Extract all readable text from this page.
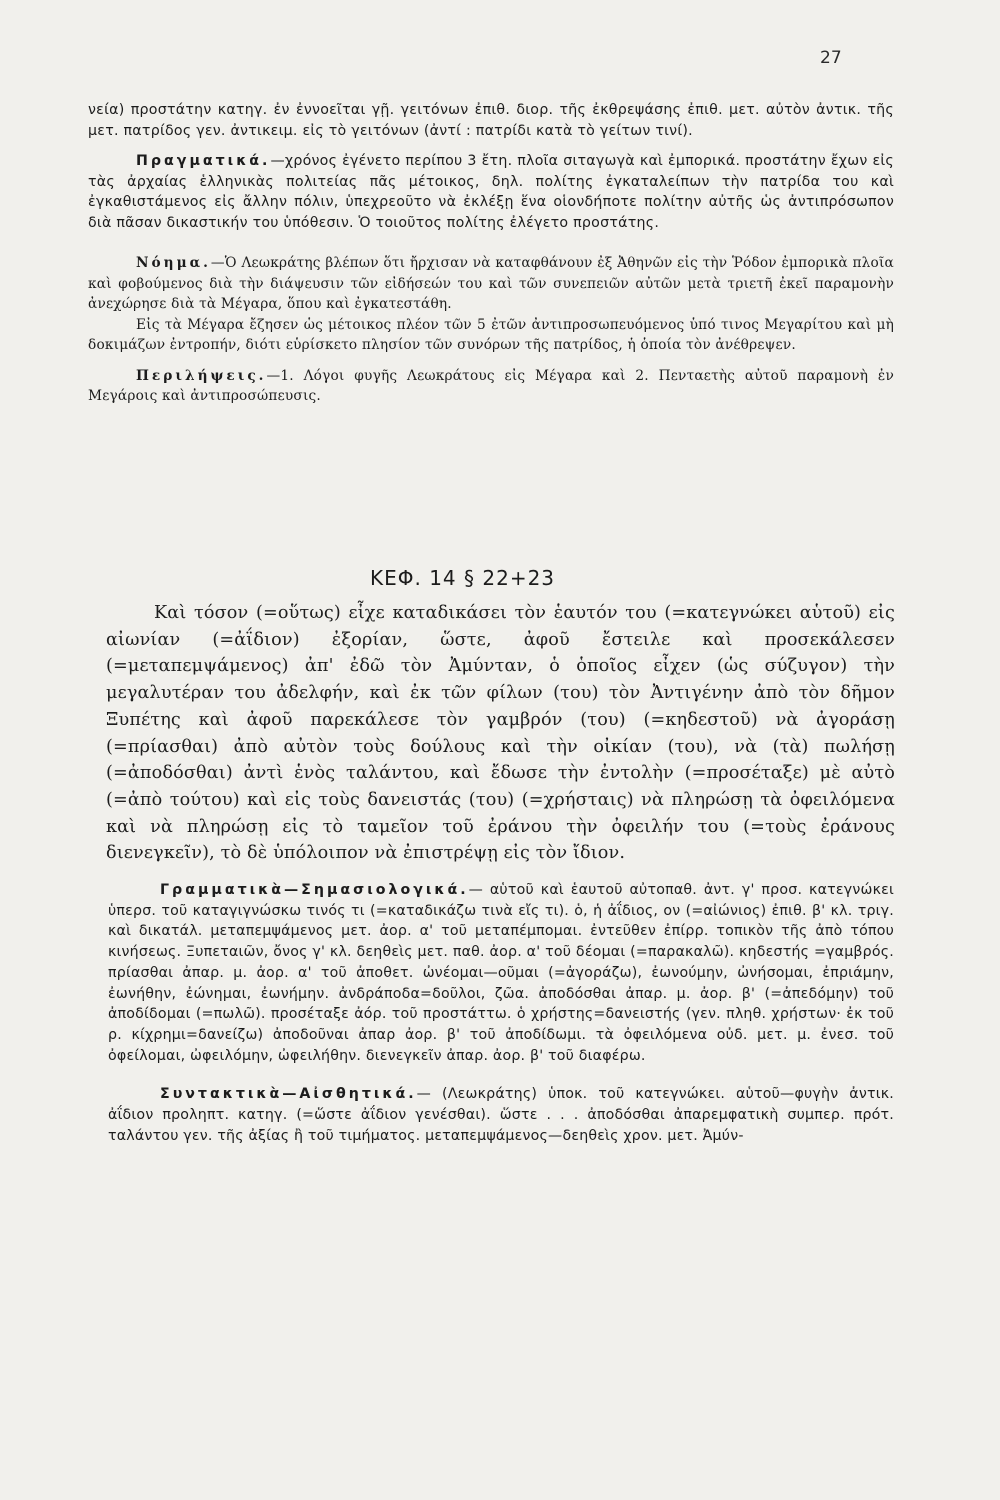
27

νεία) προστάτην κατηγ. ἐν ἐννοεῖται γῇ. γειτόνων ἐπιθ. διορ. τῆς ἐκθρεψάσης ἐπιθ. μετ. αὐτὸν ἀντικ. τῆς μετ. πατρίδος γεν. ἀντικειμ. εἰς τὸ γειτόνων (ἀντί : πατρίδι κατὰ τὸ γείτων τινί).

Πραγματικά.—χρόνος ἐγένετο περίπου 3 ἔτη. πλοῖα σιταγωγὰ καὶ ἐμπορικά. προστάτην ἔχων εἰς τὰς ἀρχαίας ἑλληνικὰς πολιτείας πᾶς μέτοικος, δηλ. πολίτης ἐγκαταλείπων τὴν πατρίδα του καὶ ἐγκαθιστάμενος εἰς ἄλλην πόλιν, ὑπεχρεοῦτο νὰ ἐκλέξῃ ἕνα οἱονδήποτε πολίτην αὐτῆς ὡς ἀντιπρόσωπον διὰ πᾶσαν δικαστικήν του ὑπόθεσιν. Ὁ τοιοῦτος πολίτης ἐλέγετο προστάτης.

Νόημα.—Ὁ Λεωκράτης βλέπων ὅτι ἤρχισαν νὰ καταφθάνουν ἐξ Ἀθηνῶν εἰς τὴν Ῥόδον ἐμπορικὰ πλοῖα καὶ φοβούμενος διὰ τὴν διάψευσιν τῶν εἰδήσεών του καὶ τῶν συνεπειῶν αὐτῶν μετὰ τριετῆ ἐκεῖ παραμονὴν ἀνεχώρησε διὰ τὰ Μέγαρα, ὅπου καὶ ἐγκατεστάθη.

Εἰς τὰ Μέγαρα ἔζησεν ὡς μέτοικος πλέον τῶν 5 ἐτῶν ἀντιπροσωπευόμενος ὑπό τινος Μεγαρίτου καὶ μὴ δοκιμάζων ἐντροπήν, διότι εὑρίσκετο πλησίον τῶν συνόρων τῆς πατρίδος, ἡ ὁποία τὸν ἀνέθρεψεν.

Περιλήψεις.—1. Λόγοι φυγῆς Λεωκράτους εἰς Μέγαρα καὶ 2. Πενταετὴς αὐτοῦ παραμονὴ ἐν Μεγάροις καὶ ἀντιπροσώπευσις.

ΚΕΦ. 14 § 22+23

Καὶ τόσον (=οὕτως) εἶχε καταδικάσει τὸν ἑαυτόν του (=κατεγνώκει αὑτοῦ) εἰς αἰωνίαν (=ἀΐδιον) ἐξορίαν, ὥστε, ἀφοῦ ἔστειλε καὶ προσεκάλεσεν (=μεταπεμψάμενος) ἀπ' ἐδῶ τὸν Ἀμύνταν, ὁ ὁποῖος εἶχεν (ὡς σύζυγον) τὴν μεγαλυτέραν του ἀδελφήν, καὶ ἐκ τῶν φίλων (του) τὸν Ἀντιγένην ἀπὸ τὸν δῆμον Ξυπέτης καὶ ἀφοῦ παρεκάλεσε τὸν γαμβρόν (του) (=κηδεστοῦ) νὰ ἀγοράσῃ (=πρίασθαι) ἀπὸ αὐτὸν τοὺς δούλους καὶ τὴν οἰκίαν (του), νὰ (τὰ) πωλήσῃ (=ἀποδόσθαι) ἀντὶ ἑνὸς ταλάντου, καὶ ἔδωσε τὴν ἐντολὴν (=προσέταξε) μὲ αὐτὸ (=ἀπὸ τούτου) καὶ εἰς τοὺς δανειστάς (του) (=χρήσταις) νὰ πληρώσῃ τὰ ὀφειλόμενα καὶ νὰ πληρώσῃ εἰς τὸ ταμεῖον τοῦ ἐράνου τὴν ὀφειλήν του (=τοὺς ἐράνους διενεγκεῖν), τὸ δὲ ὑπόλοιπον νὰ ἐπιστρέψῃ εἰς τὸν ἴδιον.

Γραμματικὰ—Σημασιολογικά.— αὑτοῦ καὶ ἑαυτοῦ αὐτοπαθ. ἀντ. γ' προσ. κατεγνώκει ὑπερσ. τοῦ καταγιγνώσκω τινός τι (=καταδικάζω τινὰ εἴς τι). ὁ, ἡ ἀΐδιος, ον (=αἰώνιος) ἐπιθ. β' κλ. τριγ. καὶ δικατάλ. μεταπεμψάμενος μετ. ἀορ. α' τοῦ μεταπέμπομαι. ἐντεῦθεν ἐπίρρ. τοπικὸν τῆς ἀπὸ τόπου κινήσεως. Ξυπεταιῶν, ὄνος γ' κλ. δεηθεὶς μετ. παθ. ἀορ. α' τοῦ δέομαι (=παρακαλῶ). κηδεστής =γαμβρός. πρίασθαι ἀπαρ. μ. ἀορ. α' τοῦ ἀποθετ. ὠνέομαι—οῦμαι (=ἀγοράζω), ἐωνούμην, ὠνήσομαι, ἐπριάμην, ἐωνήθην, ἐώνημαι, ἐωνήμην. ἀνδράποδα=δοῦλοι, ζῶα. ἀποδόσθαι ἀπαρ. μ. ἀορ. β' (=ἀπεδόμην) τοῦ ἀποδίδομαι (=πωλῶ). προσέταξε ἀόρ. τοῦ προστάττω. ὁ χρήστης=δανειστής (γεν. πληθ. χρήστων· ἐκ τοῦ ρ. κίχρημι=δανείζω) ἀποδοῦναι ἀπαρ ἀορ. β' τοῦ ἀποδίδωμι. τὰ ὀφειλόμενα οὐδ. μετ. μ. ἐνεσ. τοῦ ὀφείλομαι, ὠφειλόμην, ὠφειλήθην. διενεγκεῖν ἀπαρ. ἀορ. β' τοῦ διαφέρω.

Συντακτικὰ—Αἰσθητικά.— (Λεωκράτης) ὑποκ. τοῦ κατεγνώκει. αὑτοῦ—φυγὴν ἀντικ. ἀΐδιον προληπτ. κατηγ. (=ὥστε ἀΐδιον γενέσθαι). ὥστε . . . ἀποδόσθαι ἀπαρεμφατικὴ συμπερ. πρότ. ταλάντου γεν. τῆς ἀξίας ἢ τοῦ τιμήματος. μεταπεμψάμενος—δεηθεὶς χρον. μετ. Ἀμύν-
